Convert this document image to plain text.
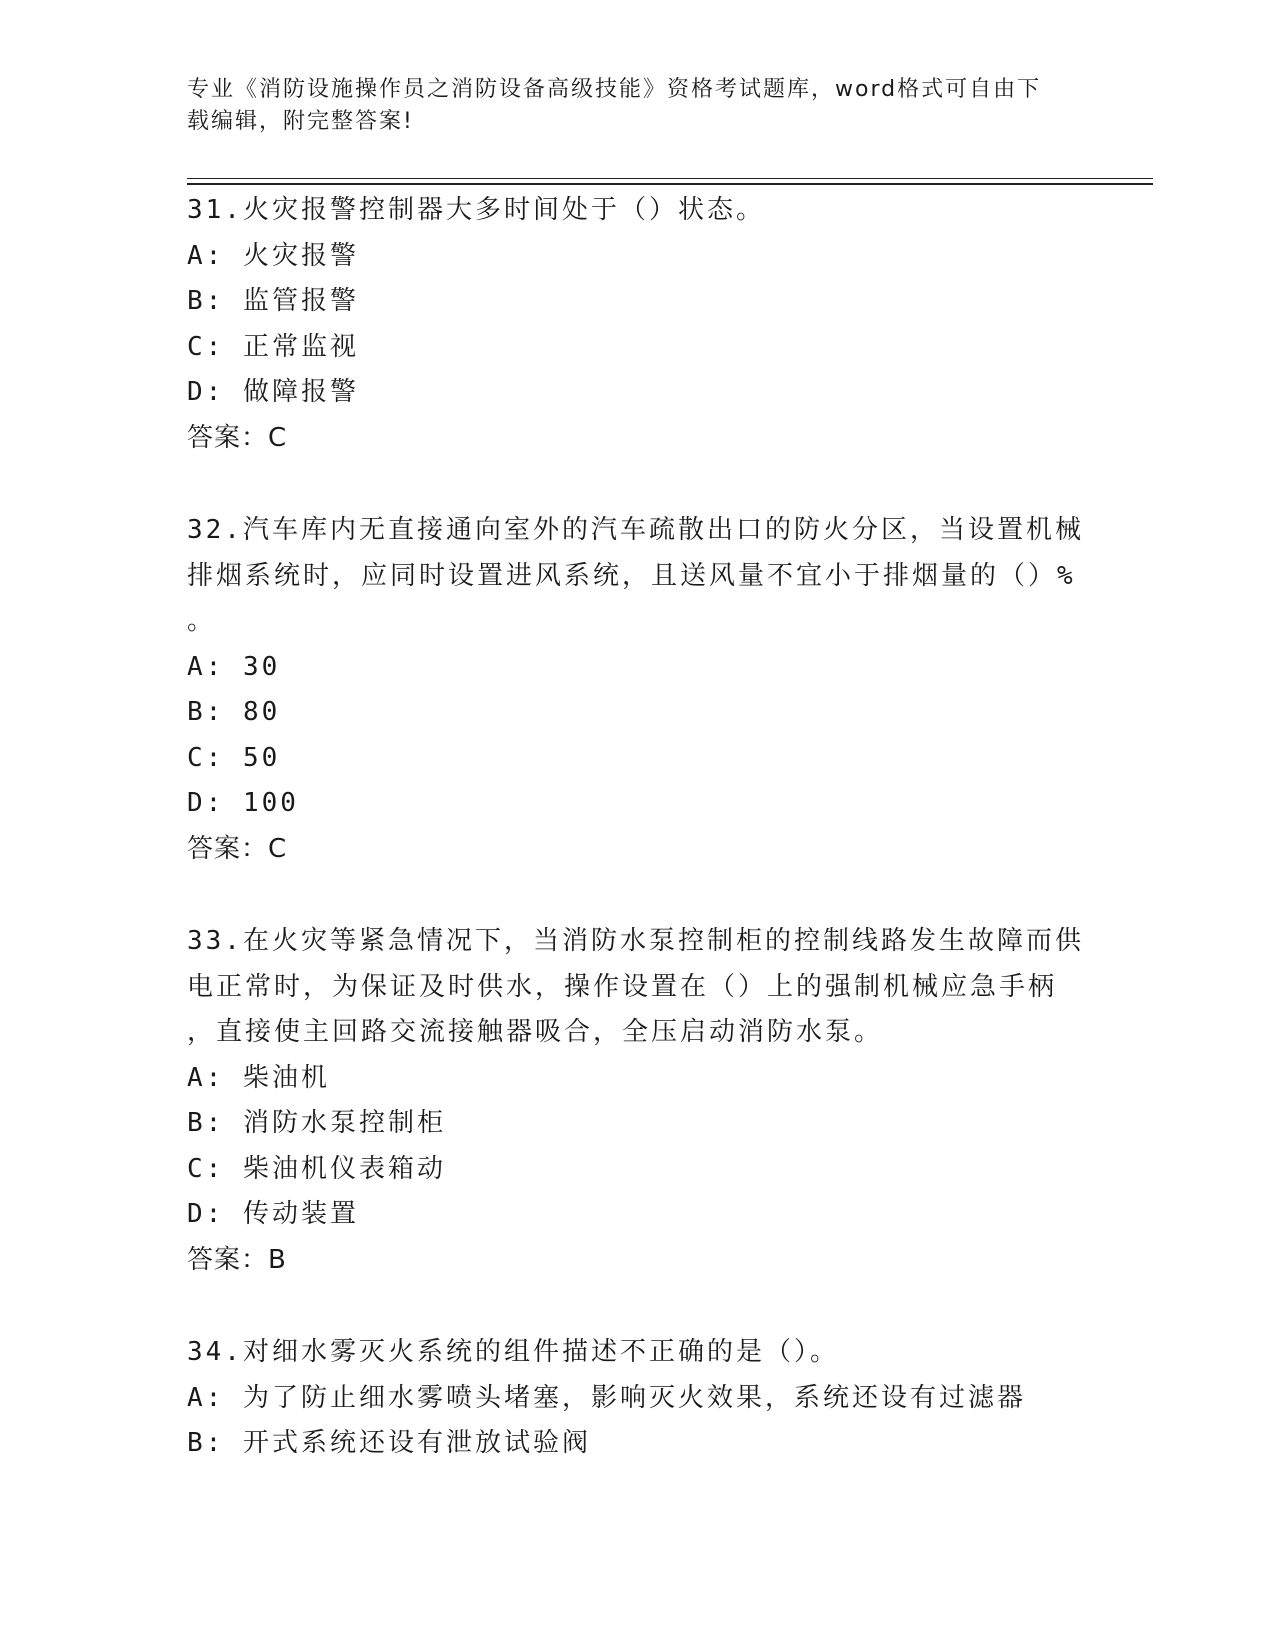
专业《消防设施操作员之消防设备高级技能》资格考试题库，word格式可自由下
载编辑，附完整答案!
31.火灾报警控制器大多时间处于（）状态。
A: 火灾报警
B: 监管报警
C: 正常监视
D: 做障报警
答案：C
32.汽车库内无直接通向室外的汽车疏散出口的防火分区，当设置机械
排烟系统时，应同时设置进风系统，且送风量不宜小于排烟量的（）%
。
A: 30
B: 80
C: 50
D: 100
答案：C
33.在火灾等紧急情况下，当消防水泵控制柜的控制线路发生故障而供
电正常时，为保证及时供水，操作设置在（）上的强制机械应急手柄
，直接使主回路交流接触器吸合，全压启动消防水泵。
A: 柴油机
B: 消防水泵控制柜
C: 柴油机仪表箱动
D: 传动装置
答案：B
34.对细水雾灭火系统的组件描述不正确的是（）。
A: 为了防止细水雾喷头堵塞，影响灭火效果，系统还设有过滤器
B: 开式系统还设有泄放试验阀
